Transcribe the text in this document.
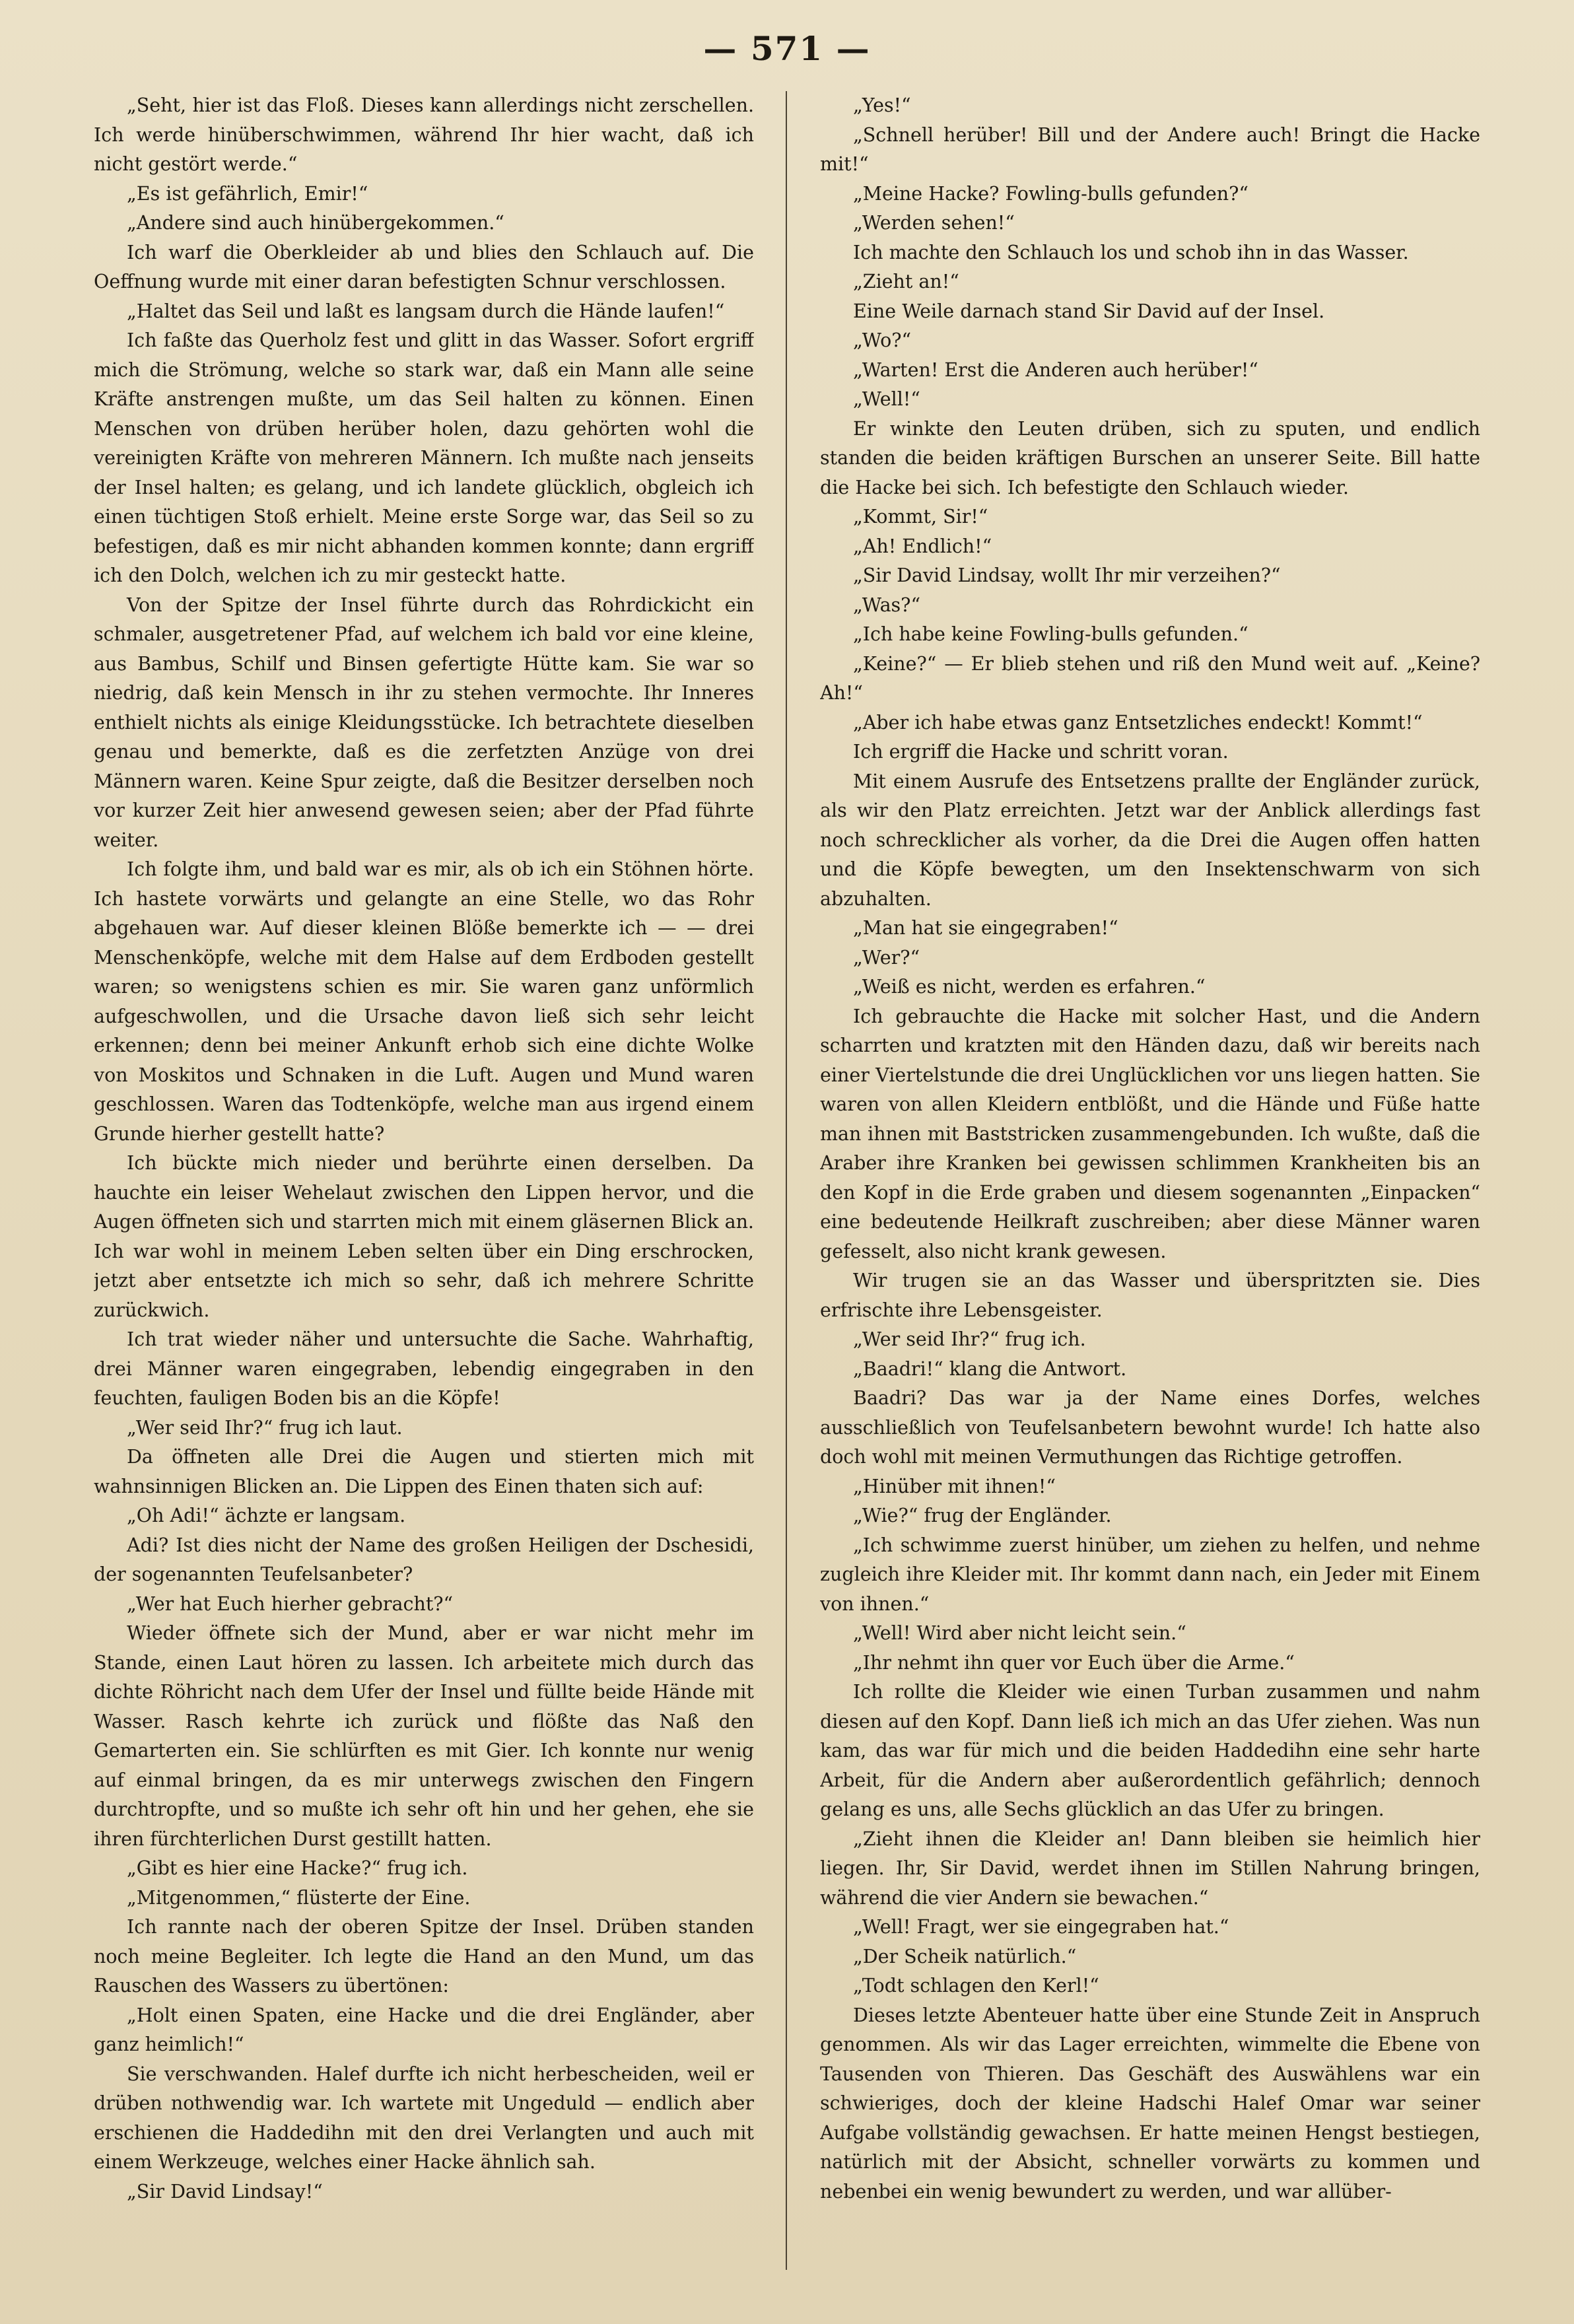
— 571 —

„Seht, hier ist das Floß. Dieses kann allerdings nicht zerschellen. Ich werde hinüberschwimmen, während Ihr hier wacht, daß ich nicht gestört werde.“

„Es ist gefährlich, Emir!“

„Andere sind auch hinübergekommen.“

Ich warf die Oberkleider ab und blies den Schlauch auf. Die Oeffnung wurde mit einer daran befestigten Schnur verschlossen.

„Haltet das Seil und laßt es langsam durch die Hände laufen!“

Ich faßte das Querholz fest und glitt in das Wasser. Sofort ergriff mich die Strömung, welche so stark war, daß ein Mann alle seine Kräfte anstrengen mußte, um das Seil halten zu können. Einen Menschen von drüben herüber holen, dazu gehörten wohl die vereinigten Kräfte von mehreren Männern. Ich mußte nach jenseits der Insel halten; es gelang, und ich landete glücklich, obgleich ich einen tüchtigen Stoß erhielt. Meine erste Sorge war, das Seil so zu befestigen, daß es mir nicht abhanden kommen konnte; dann ergriff ich den Dolch, welchen ich zu mir gesteckt hatte.

Von der Spitze der Insel führte durch das Rohrdickicht ein schmaler, ausgetretener Pfad, auf welchem ich bald vor eine kleine, aus Bambus, Schilf und Binsen gefertigte Hütte kam. Sie war so niedrig, daß kein Mensch in ihr zu stehen vermochte. Ihr Inneres enthielt nichts als einige Kleidungsstücke. Ich betrachtete dieselben genau und bemerkte, daß es die zerfetzten Anzüge von drei Männern waren. Keine Spur zeigte, daß die Besitzer derselben noch vor kurzer Zeit hier anwesend gewesen seien; aber der Pfad führte weiter.

Ich folgte ihm, und bald war es mir, als ob ich ein Stöhnen hörte. Ich hastete vorwärts und gelangte an eine Stelle, wo das Rohr abgehauen war. Auf dieser kleinen Blöße bemerkte ich — — drei Menschenköpfe, welche mit dem Halse auf dem Erdboden gestellt waren; so wenigstens schien es mir. Sie waren ganz unförmlich aufgeschwollen, und die Ursache davon ließ sich sehr leicht erkennen; denn bei meiner Ankunft erhob sich eine dichte Wolke von Moskitos und Schnaken in die Luft. Augen und Mund waren geschlossen. Waren das Todtenköpfe, welche man aus irgend einem Grunde hierher gestellt hatte?

Ich bückte mich nieder und berührte einen derselben. Da hauchte ein leiser Wehelaut zwischen den Lippen hervor, und die Augen öffneten sich und starrten mich mit einem gläsernen Blick an. Ich war wohl in meinem Leben selten über ein Ding erschrocken, jetzt aber entsetzte ich mich so sehr, daß ich mehrere Schritte zurückwich.

Ich trat wieder näher und untersuchte die Sache. Wahrhaftig, drei Männer waren eingegraben, lebendig eingegraben in den feuchten, fauligen Boden bis an die Köpfe!

„Wer seid Ihr?“ frug ich laut.

Da öffneten alle Drei die Augen und stierten mich mit wahnsinnigen Blicken an. Die Lippen des Einen thaten sich auf:

„Oh Adi!“ ächzte er langsam.

Adi? Ist dies nicht der Name des großen Heiligen der Dschesidi, der sogenannten Teufelsanbeter?

„Wer hat Euch hierher gebracht?“

Wieder öffnete sich der Mund, aber er war nicht mehr im Stande, einen Laut hören zu lassen. Ich arbeitete mich durch das dichte Röhricht nach dem Ufer der Insel und füllte beide Hände mit Wasser. Rasch kehrte ich zurück und flößte das Naß den Gemarterten ein. Sie schlürften es mit Gier. Ich konnte nur wenig auf einmal bringen, da es mir unterwegs zwischen den Fingern durchtropfte, und so mußte ich sehr oft hin und her gehen, ehe sie ihren fürchterlichen Durst gestillt hatten.

„Gibt es hier eine Hacke?“ frug ich.

„Mitgenommen,“ flüsterte der Eine.

Ich rannte nach der oberen Spitze der Insel. Drüben standen noch meine Begleiter. Ich legte die Hand an den Mund, um das Rauschen des Wassers zu übertönen:

„Holt einen Spaten, eine Hacke und die drei Engländer, aber ganz heimlich!“

Sie verschwanden. Halef durfte ich nicht herbescheiden, weil er drüben nothwendig war. Ich wartete mit Ungeduld — endlich aber erschienen die Haddedihn mit den drei Verlangten und auch mit einem Werkzeuge, welches einer Hacke ähnlich sah.

„Sir David Lindsay!“

„Yes!“

„Schnell herüber! Bill und der Andere auch! Bringt die Hacke mit!“

„Meine Hacke? Fowling-bulls gefunden?“

„Werden sehen!“

Ich machte den Schlauch los und schob ihn in das Wasser.

„Zieht an!“

Eine Weile darnach stand Sir David auf der Insel.

„Wo?“

„Warten! Erst die Anderen auch herüber!“

„Well!“

Er winkte den Leuten drüben, sich zu sputen, und endlich standen die beiden kräftigen Burschen an unserer Seite. Bill hatte die Hacke bei sich. Ich befestigte den Schlauch wieder.

„Kommt, Sir!“

„Ah! Endlich!“

„Sir David Lindsay, wollt Ihr mir verzeihen?“

„Was?“

„Ich habe keine Fowling-bulls gefunden.“

„Keine?“ — Er blieb stehen und riß den Mund weit auf. „Keine? Ah!“

„Aber ich habe etwas ganz Entsetzliches endeckt! Kommt!“

Ich ergriff die Hacke und schritt voran.

Mit einem Ausrufe des Entsetzens prallte der Engländer zurück, als wir den Platz erreichten. Jetzt war der Anblick allerdings fast noch schrecklicher als vorher, da die Drei die Augen offen hatten und die Köpfe bewegten, um den Insektenschwarm von sich abzuhalten.

„Man hat sie eingegraben!“

„Wer?“

„Weiß es nicht, werden es erfahren.“

Ich gebrauchte die Hacke mit solcher Hast, und die Andern scharrten und kratzten mit den Händen dazu, daß wir bereits nach einer Viertelstunde die drei Unglücklichen vor uns liegen hatten. Sie waren von allen Kleidern entblößt, und die Hände und Füße hatte man ihnen mit Baststricken zusammengebunden. Ich wußte, daß die Araber ihre Kranken bei gewissen schlimmen Krankheiten bis an den Kopf in die Erde graben und diesem sogenannten „Einpacken“ eine bedeutende Heilkraft zuschreiben; aber diese Männer waren gefesselt, also nicht krank gewesen.

Wir trugen sie an das Wasser und überspritzten sie. Dies erfrischte ihre Lebensgeister.

„Wer seid Ihr?“ frug ich.

„Baadri!“ klang die Antwort.

Baadri? Das war ja der Name eines Dorfes, welches ausschließlich von Teufelsanbetern bewohnt wurde! Ich hatte also doch wohl mit meinen Vermuthungen das Richtige getroffen.

„Hinüber mit ihnen!“

„Wie?“ frug der Engländer.

„Ich schwimme zuerst hinüber, um ziehen zu helfen, und nehme zugleich ihre Kleider mit. Ihr kommt dann nach, ein Jeder mit Einem von ihnen.“

„Well! Wird aber nicht leicht sein.“

„Ihr nehmt ihn quer vor Euch über die Arme.“

Ich rollte die Kleider wie einen Turban zusammen und nahm diesen auf den Kopf. Dann ließ ich mich an das Ufer ziehen. Was nun kam, das war für mich und die beiden Haddedihn eine sehr harte Arbeit, für die Andern aber außerordentlich gefährlich; dennoch gelang es uns, alle Sechs glücklich an das Ufer zu bringen.

„Zieht ihnen die Kleider an! Dann bleiben sie heimlich hier liegen. Ihr, Sir David, werdet ihnen im Stillen Nahrung bringen, während die vier Andern sie bewachen.“

„Well! Fragt, wer sie eingegraben hat.“

„Der Scheik natürlich.“

„Todt schlagen den Kerl!“

Dieses letzte Abenteuer hatte über eine Stunde Zeit in Anspruch genommen. Als wir das Lager erreichten, wimmelte die Ebene von Tausenden von Thieren. Das Geschäft des Auswählens war ein schwieriges, doch der kleine Hadschi Halef Omar war seiner Aufgabe vollständig gewachsen. Er hatte meinen Hengst bestiegen, natürlich mit der Absicht, schneller vorwärts zu kommen und nebenbei ein wenig bewundert zu werden, und war allüber-
